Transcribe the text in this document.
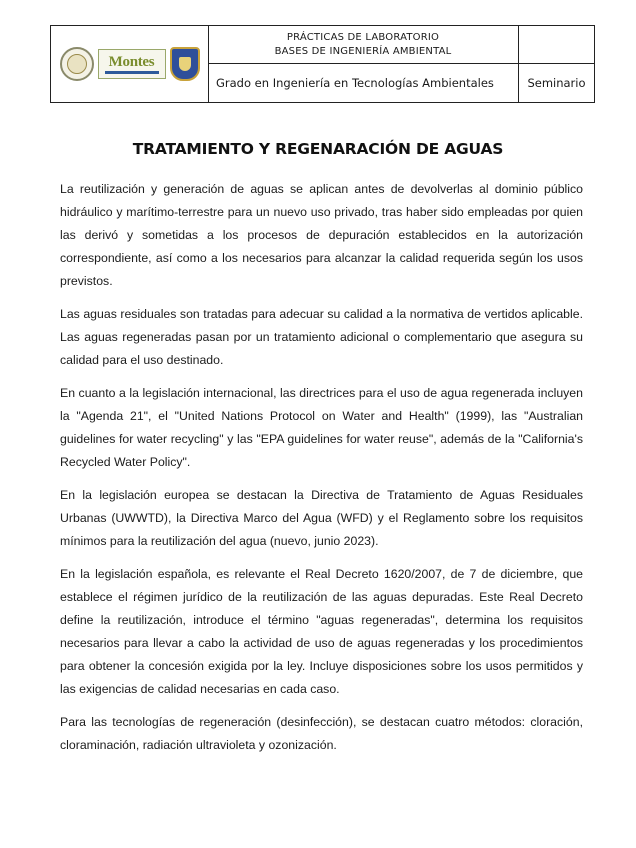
Montes
PRÁCTICAS DE LABORATORIO
BASES DE INGENIERÍA AMBIENTAL
Grado en Ingeniería en Tecnologías Ambientales	Seminario
TRATAMIENTO Y REGENARACIÓN DE AGUAS

La reutilización y generación de aguas se aplican antes de devolverlas al dominio público hidráulico y marítimo-terrestre para un nuevo uso privado, tras haber sido empleadas por quien las derivó y sometidas a los procesos de depuración establecidos en la autorización correspondiente, así como a los necesarios para alcanzar la calidad requerida según los usos previstos.

Las aguas residuales son tratadas para adecuar su calidad a la normativa de vertidos aplicable. Las aguas regeneradas pasan por un tratamiento adicional o complementario que asegura su calidad para el uso destinado.

En cuanto a la legislación internacional, las directrices para el uso de agua regenerada incluyen la "Agenda 21", el "United Nations Protocol on Water and Health" (1999), las "Australian guidelines for water recycling" y las "EPA guidelines for water reuse", además de la "California's Recycled Water Policy".

En la legislación europea se destacan la Directiva de Tratamiento de Aguas Residuales Urbanas (UWWTD), la Directiva Marco del Agua (WFD) y el Reglamento sobre los requisitos mínimos para la reutilización del agua (nuevo, junio 2023).

En la legislación española, es relevante el Real Decreto 1620/2007, de 7 de diciembre, que establece el régimen jurídico de la reutilización de las aguas depuradas. Este Real Decreto define la reutilización, introduce el término "aguas regeneradas", determina los requisitos necesarios para llevar a cabo la actividad de uso de aguas regeneradas y los procedimientos para obtener la concesión exigida por la ley. Incluye disposiciones sobre los usos permitidos y las exigencias de calidad necesarias en cada caso.

Para las tecnologías de regeneración (desinfección), se destacan cuatro métodos: cloración, cloraminación, radiación ultravioleta y ozonización.
